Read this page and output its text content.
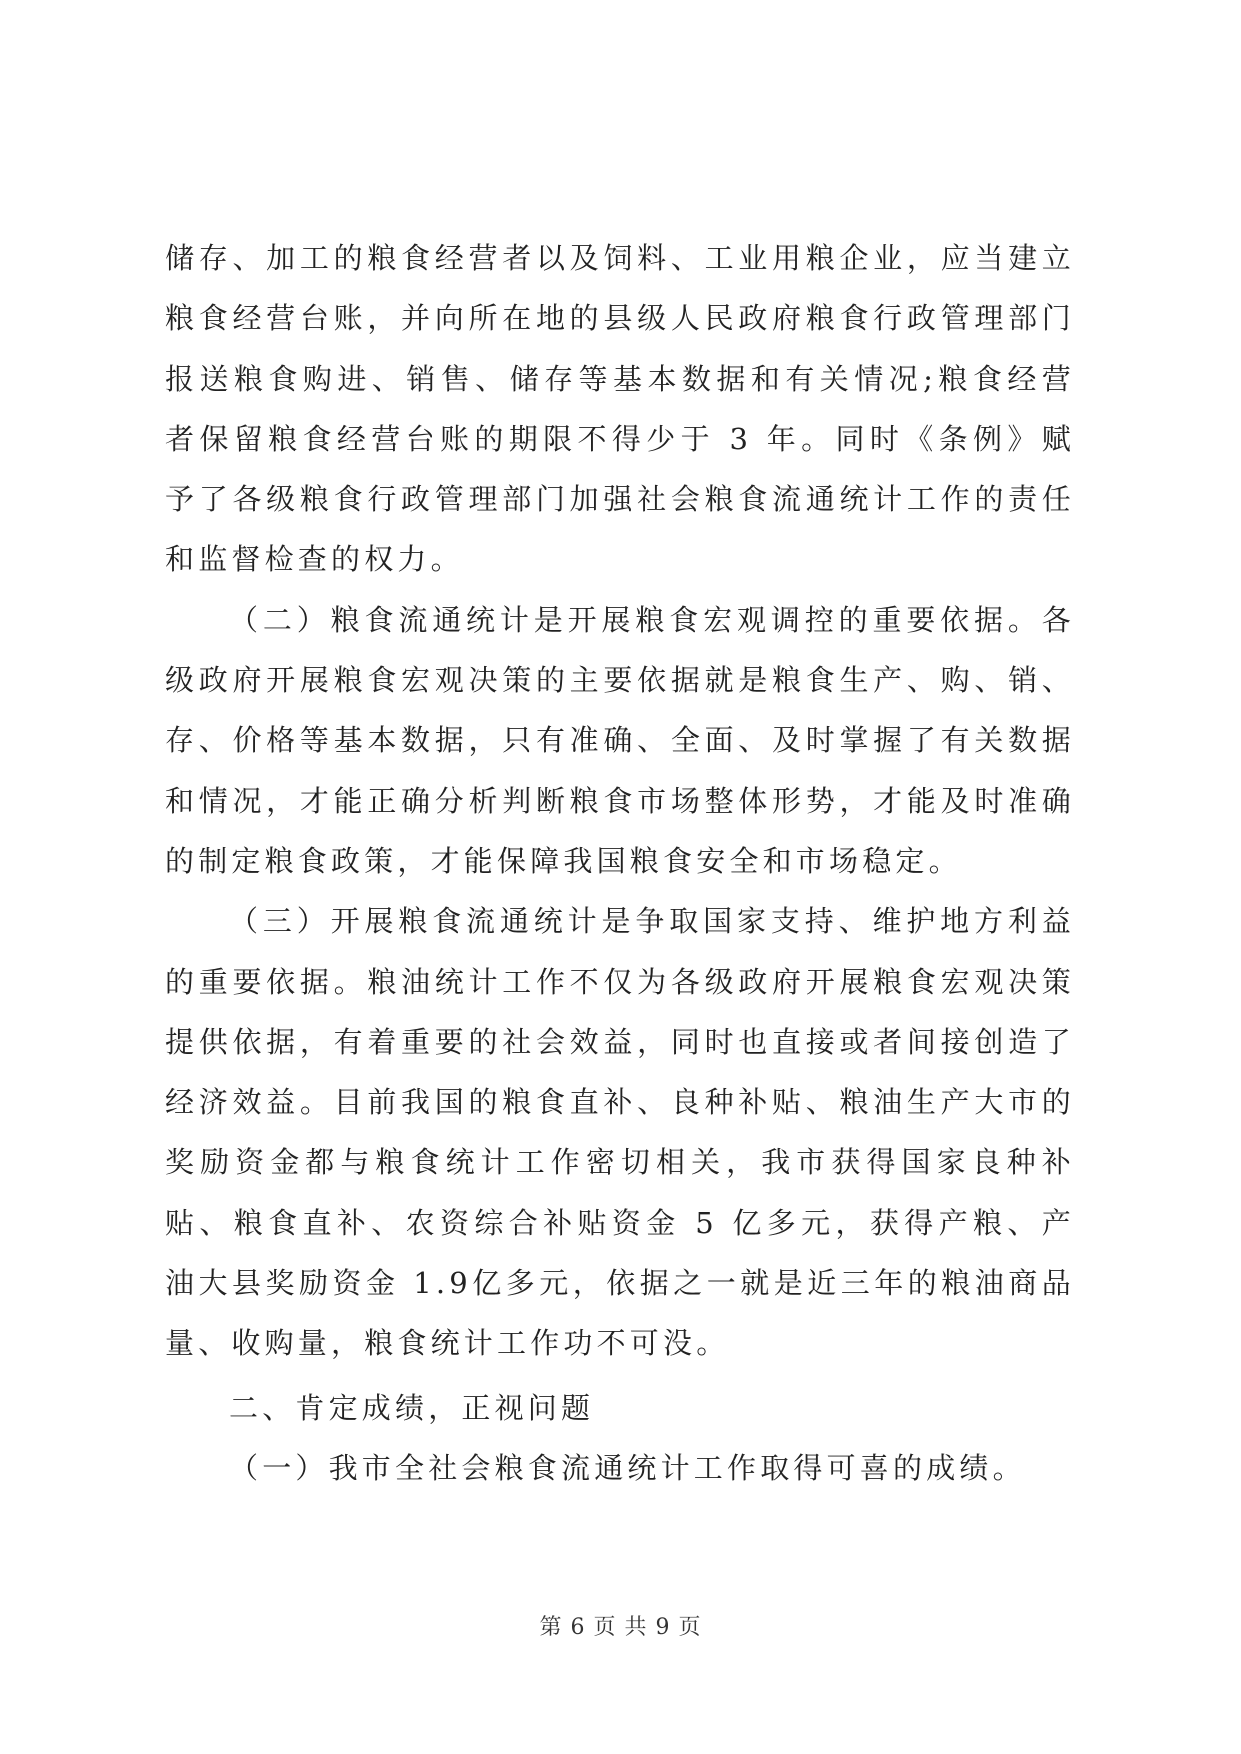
储存、加工的粮食经营者以及饲料、工业用粮企业，应当建立粮食经营台账，并向所在地的县级人民政府粮食行政管理部门报送粮食购进、销售、储存等基本数据和有关情况;粮食经营者保留粮食经营台账的期限不得少于 3 年。同时《条例》赋予了各级粮食行政管理部门加强社会粮食流通统计工作的责任和监督检查的权力。

（二）粮食流通统计是开展粮食宏观调控的重要依据。各级政府开展粮食宏观决策的主要依据就是粮食生产、购、销、存、价格等基本数据，只有准确、全面、及时掌握了有关数据和情况，才能正确分析判断粮食市场整体形势，才能及时准确的制定粮食政策，才能保障我国粮食安全和市场稳定。

（三）开展粮食流通统计是争取国家支持、维护地方利益的重要依据。粮油统计工作不仅为各级政府开展粮食宏观决策提供依据，有着重要的社会效益，同时也直接或者间接创造了经济效益。目前我国的粮食直补、良种补贴、粮油生产大市的奖励资金都与粮食统计工作密切相关，我市获得国家良种补贴、粮食直补、农资综合补贴资金 5 亿多元，获得产粮、产油大县奖励资金 1.9亿多元，依据之一就是近三年的粮油商品量、收购量，粮食统计工作功不可没。

二、肯定成绩，正视问题

（一）我市全社会粮食流通统计工作取得可喜的成绩。

第 6 页 共 9 页
